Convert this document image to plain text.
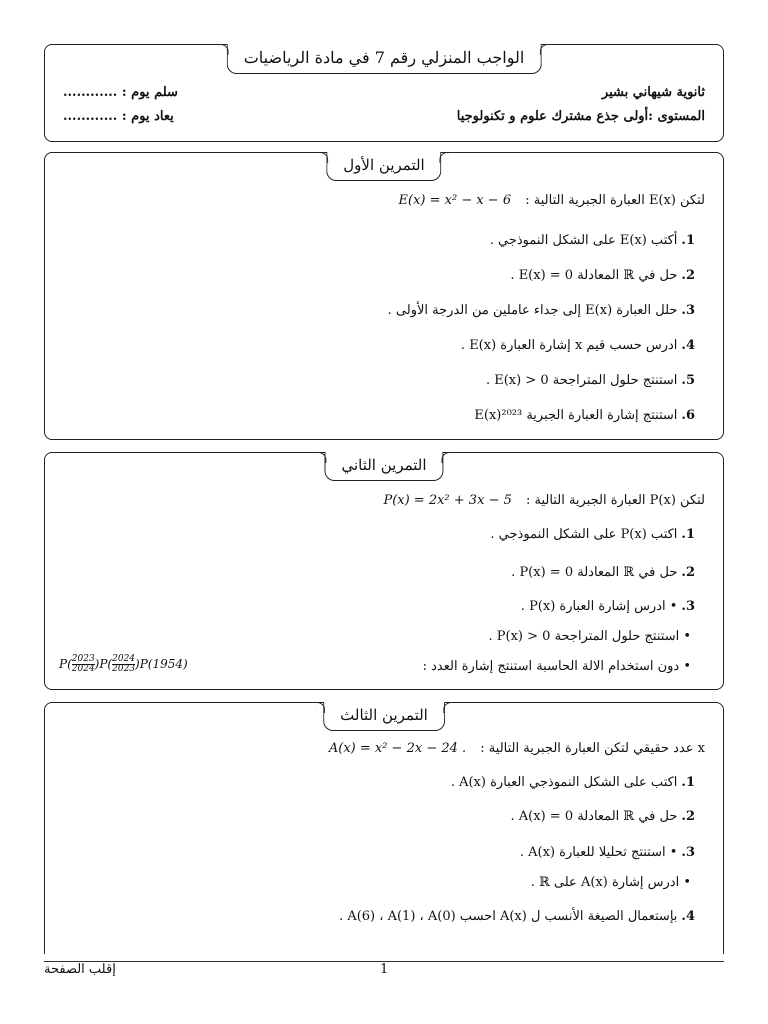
الواجب المنزلي رقم 7 في مادة الرياضيات
ثانوية شيهاني بشير
المستوى :أولى جذع مشترك علوم و تكنولوجيا
سلم يوم : ............
يعاد يوم : ............
التمرين الأول
لتكن E(x) العبارة الجبرية التالية : E(x) = x² − x − 6
1.أكتب E(x) على الشكل النموذجي .
2.حل في ℝ المعادلة E(x) = 0 .
3.حلل العبارة E(x) إلى جداء عاملين من الدرجة الأولى .
4.ادرس حسب قيم x إشارة العبارة E(x) .
5.استنتج حلول المتراجحة E(x) > 0 .
6.استنتج إشارة العبارة الجبرية E(x)²⁰²³
التمرين الثاني
لتكن P(x) العبارة الجبرية التالية : P(x) = 2x² + 3x − 5
1.اكتب P(x) على الشكل النموذجي .
2.حل في ℝ المعادلة P(x) = 0 .
3.• ادرس إشارة العبارة P(x) .
• استنتج حلول المتراجحة P(x) > 0 .
• دون استخدام الالة الحاسبة استنتج إشارة العدد :
$P( \frac{2023}{2024} )P( \frac{2024}{2023} )P(1954)$
التمرين الثالث
x عدد حقيقي لتكن العبارة الجبرية التالية : A(x) = x² − 2x − 24 .
1.اكتب على الشكل النموذجي العبارة A(x) .
2.حل في ℝ المعادلة A(x) = 0 .
3.• استنتج تحليلا للعبارة A(x) .
• ادرس إشارة A(x) على ℝ .
4.بإستعمال الصيغة الأنسب ل A(x) احسب A(6) ، A(1) ، A(0) .
1
إقلب الصفحة
